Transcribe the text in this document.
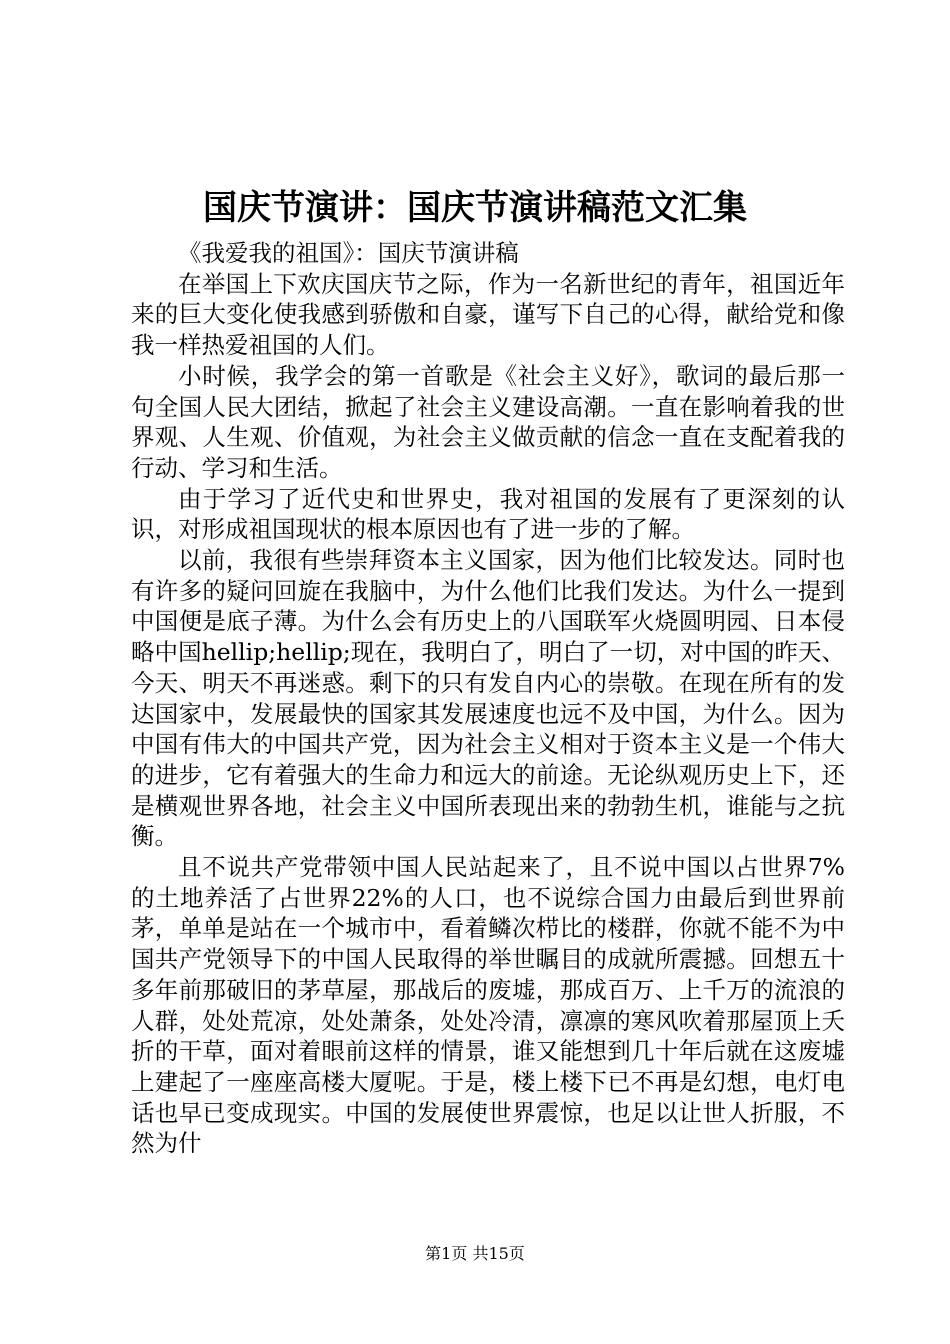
国庆节演讲：国庆节演讲稿范文汇集

《我爱我的祖国》：国庆节演讲稿

在举国上下欢庆国庆节之际，作为一名新世纪的青年，祖国近年来的巨大变化使我感到骄傲和自豪，谨写下自己的心得，献给党和像我一样热爱祖国的人们。

小时候，我学会的第一首歌是《社会主义好》，歌词的最后那一句全国人民大团结，掀起了社会主义建设高潮。一直在影响着我的世界观、人生观、价值观，为社会主义做贡献的信念一直在支配着我的行动、学习和生活。

由于学习了近代史和世界史，我对祖国的发展有了更深刻的认识，对形成祖国现状的根本原因也有了进一步的了解。

以前，我很有些崇拜资本主义国家，因为他们比较发达。同时也有许多的疑问回旋在我脑中，为什么他们比我们发达。为什么一提到中国便是底子薄。为什么会有历史上的八国联军火烧圆明园、日本侵略中国hellip;hellip;现在，我明白了，明白了一切，对中国的昨天、今天、明天不再迷惑。剩下的只有发自内心的崇敬。在现在所有的发达国家中，发展最快的国家其发展速度也远不及中国，为什么。因为中国有伟大的中国共产党，因为社会主义相对于资本主义是一个伟大的进步，它有着强大的生命力和远大的前途。无论纵观历史上下，还是横观世界各地，社会主义中国所表现出来的勃勃生机，谁能与之抗衡。

且不说共产党带领中国人民站起来了，且不说中国以占世界7%的土地养活了占世界22%的人口，也不说综合国力由最后到世界前茅，单单是站在一个城市中，看着鳞次栉比的楼群，你就不能不为中国共产党领导下的中国人民取得的举世瞩目的成就所震撼。回想五十多年前那破旧的茅草屋，那战后的废墟，那成百万、上千万的流浪的人群，处处荒凉，处处萧条，处处冷清，凛凛的寒风吹着那屋顶上夭折的干草，面对着眼前这样的情景，谁又能想到几十年后就在这废墟上建起了一座座高楼大厦呢。于是，楼上楼下已不再是幻想，电灯电话也早已变成现实。中国的发展使世界震惊，也足以让世人折服，不然为什

第1页 共15页
